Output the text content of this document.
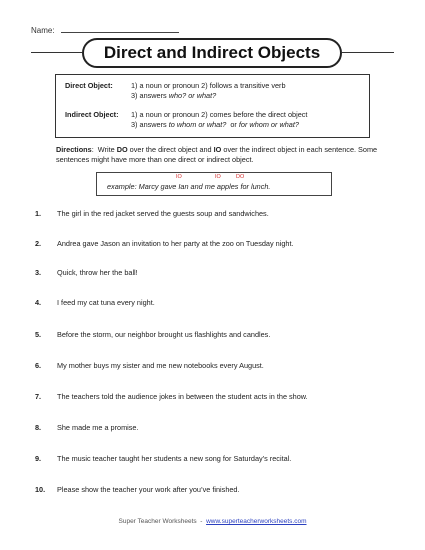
Name:
Direct and Indirect Objects
Direct Object: 1) a noun or pronoun 2) follows a transitive verb
3) answers who? or what?
Indirect Object: 1) a noun or pronoun 2) comes before the direct object
3) answers to whom or what?  or for whom or what?
Directions:  Write DO over the direct object and IO over the indirect object in each sentence. Some sentences might have more than one direct or indirect object.
IO	IO	DO
example: Marcy gave Ian and me apples for lunch.
1. The girl in the red jacket served the guests soup and sandwiches.
2. Andrea gave Jason an invitation to her party at the zoo on Tuesday night.
3. Quick, throw her the ball!
4. I feed my cat tuna every night.
5. Before the storm, our neighbor brought us flashlights and candles.
6. My mother buys my sister and me new notebooks every August.
7. The teachers told the audience jokes in between the student acts in the show.
8. She made me a promise.
9. The music teacher taught her students a new song for Saturday’s recital.
10. Please show the teacher your work after you’ve finished.
Super Teacher Worksheets  -  www.superteacherworksheets.com
